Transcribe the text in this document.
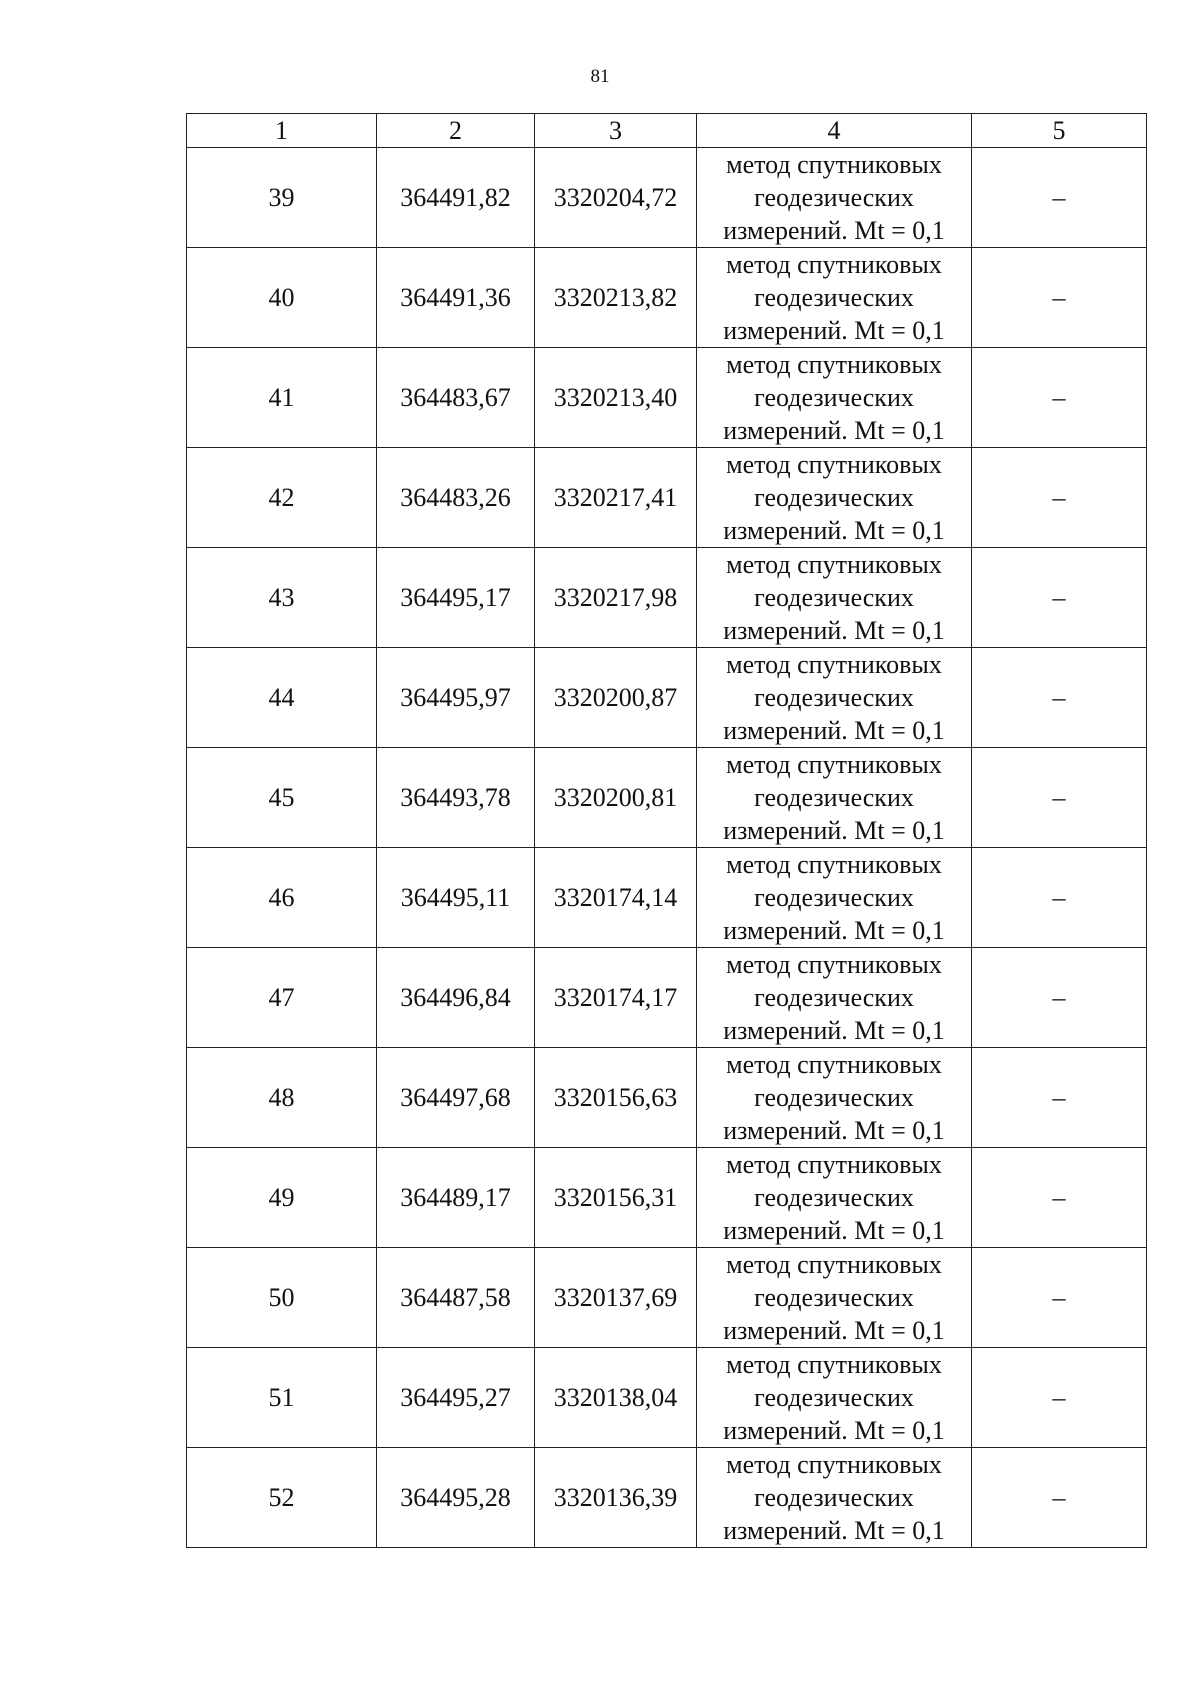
81
1	2	3	4	5
39	364491,82	3320204,72	метод спутниковых
геодезических
измерений. Mt = 0,1	–
40	364491,36	3320213,82	метод спутниковых
геодезических
измерений. Mt = 0,1	–
41	364483,67	3320213,40	метод спутниковых
геодезических
измерений. Mt = 0,1	–
42	364483,26	3320217,41	метод спутниковых
геодезических
измерений. Mt = 0,1	–
43	364495,17	3320217,98	метод спутниковых
геодезических
измерений. Mt = 0,1	–
44	364495,97	3320200,87	метод спутниковых
геодезических
измерений. Mt = 0,1	–
45	364493,78	3320200,81	метод спутниковых
геодезических
измерений. Mt = 0,1	–
46	364495,11	3320174,14	метод спутниковых
геодезических
измерений. Mt = 0,1	–
47	364496,84	3320174,17	метод спутниковых
геодезических
измерений. Mt = 0,1	–
48	364497,68	3320156,63	метод спутниковых
геодезических
измерений. Mt = 0,1	–
49	364489,17	3320156,31	метод спутниковых
геодезических
измерений. Mt = 0,1	–
50	364487,58	3320137,69	метод спутниковых
геодезических
измерений. Mt = 0,1	–
51	364495,27	3320138,04	метод спутниковых
геодезических
измерений. Mt = 0,1	–
52	364495,28	3320136,39	метод спутниковых
геодезических
измерений. Mt = 0,1	–
